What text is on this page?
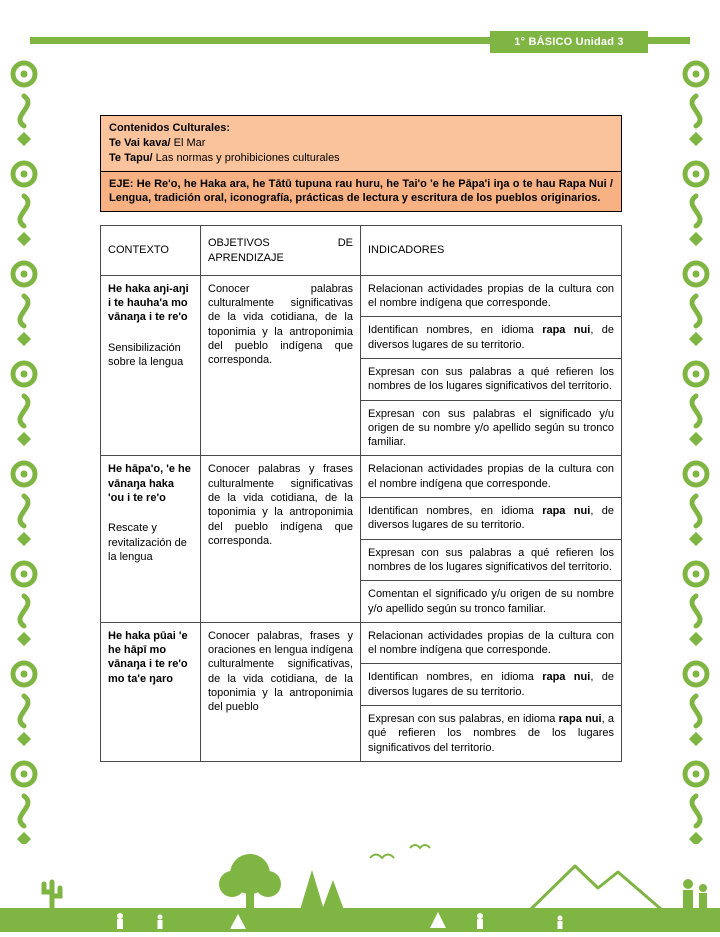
1° BÁSICO Unidad 3
Contenidos Culturales:
Te Vai kava/ El Mar
Te Tapu/ Las normas y prohibiciones culturales
EJE: He Re'o, he Haka ara, he Tātū tupuna rau huru, he Tai'o 'e he Pāpa'i iŋa o te hau Rapa Nui / Lengua, tradición oral, iconografía, prácticas de lectura y escritura de los pueblos originarios.
CONTEXTO	OBJETIVOS DE APRENDIZAJE	INDICADORES

He haka aŋi-aŋi i te hauha'a mo vānaŋa i te re'o
Sensibilización sobre la lengua	Conocer palabras culturalmente significativas de la vida cotidiana, de la toponimia y la antroponimia del pueblo indígena que corresponda.	Relacionan actividades propias de la cultura con el nombre indígena que corresponde.
		Identifican nombres, en idioma rapa nui, de diversos lugares de su territorio.
		Expresan con sus palabras a qué refieren los nombres de los lugares significativos del territorio.
		Expresan con sus palabras el significado y/u origen de su nombre y/o apellido según su tronco familiar.

He hāpa'o, 'e he vānaŋa haka 'ou i te re'o
Rescate y revitalización de la lengua	Conocer palabras y frases culturalmente significativas de la vida cotidiana, de la toponimia y la antroponimia del pueblo indígena que corresponda.	Relacionan actividades propias de la cultura con el nombre indígena que corresponde.
		Identifican nombres, en idioma rapa nui, de diversos lugares de su territorio.
		Expresan con sus palabras a qué refieren los nombres de los lugares significativos del territorio.
		Comentan el significado y/u origen de su nombre y/o apellido según su tronco familiar.

He haka pūai 'e he hāpī mo vānaŋa i te re'o mo ta'e ŋaro	Conocer palabras, frases y oraciones en lengua indígena culturalmente significativas, de la vida cotidiana, de la toponimia y la antroponimia del pueblo	Relacionan actividades propias de la cultura con el nombre indígena que corresponde.
		Identifican nombres, en idioma rapa nui, de diversos lugares de su territorio.
		Expresan con sus palabras, en idioma rapa nui, a qué refieren los nombres de los lugares significativos del territorio.
